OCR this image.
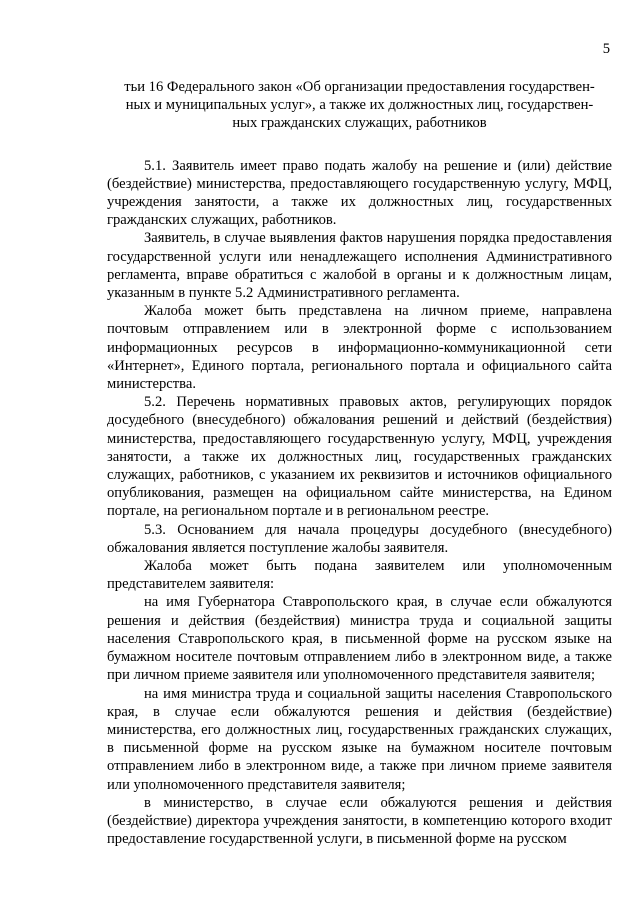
5
тьи 16 Федерального закон «Об организации предоставления государствен-
ных и муниципальных услуг», а также их должностных лиц, государствен-
ных гражданских служащих, работников

5.1. Заявитель имеет право подать жалобу на решение и (или) действие (бездействие) министерства, предоставляющего государственную услугу, МФЦ, учреждения занятости, а также их должностных лиц, государственных гражданских служащих, работников.

Заявитель, в случае выявления фактов нарушения порядка предоставления государственной услуги или ненадлежащего исполнения Административного регламента, вправе обратиться с жалобой в органы и к должностным лицам, указанным в пункте 5.2 Административного регламента.

Жалоба может быть представлена на личном приеме, направлена почтовым отправлением или в электронной форме с использованием информационных ресурсов в информационно-коммуникационной сети «Интернет», Единого портала, регионального портала и официального сайта министерства.

5.2. Перечень нормативных правовых актов, регулирующих порядок досудебного (внесудебного) обжалования решений и действий (бездействия) министерства, предоставляющего государственную услугу, МФЦ, учреждения занятости, а также их должностных лиц, государственных гражданских служащих, работников, с указанием их реквизитов и источников официального опубликования, размещен на официальном сайте министерства, на Едином портале, на региональном портале и в региональном реестре.

5.3. Основанием для начала процедуры досудебного (внесудебного) обжалования является поступление жалобы заявителя.

Жалоба может быть подана заявителем или уполномоченным представителем заявителя:

на имя Губернатора Ставропольского края, в случае если обжалуются решения и действия (бездействия) министра труда и социальной защиты населения Ставропольского края, в письменной форме на русском языке на бумажном носителе почтовым отправлением либо в электронном виде, а также при личном приеме заявителя или уполномоченного представителя заявителя;

на имя министра труда и социальной защиты населения Ставропольского края, в случае если обжалуются решения и действия (бездействие) министерства, его должностных лиц, государственных гражданских служащих, в письменной форме на русском языке на бумажном носителе почтовым отправлением либо в электронном виде, а также при личном приеме заявителя или уполномоченного представителя заявителя;

в министерство, в случае если обжалуются решения и действия (бездействие) директора учреждения занятости, в компетенцию которого входит предоставление государственной услуги, в письменной форме на русском
